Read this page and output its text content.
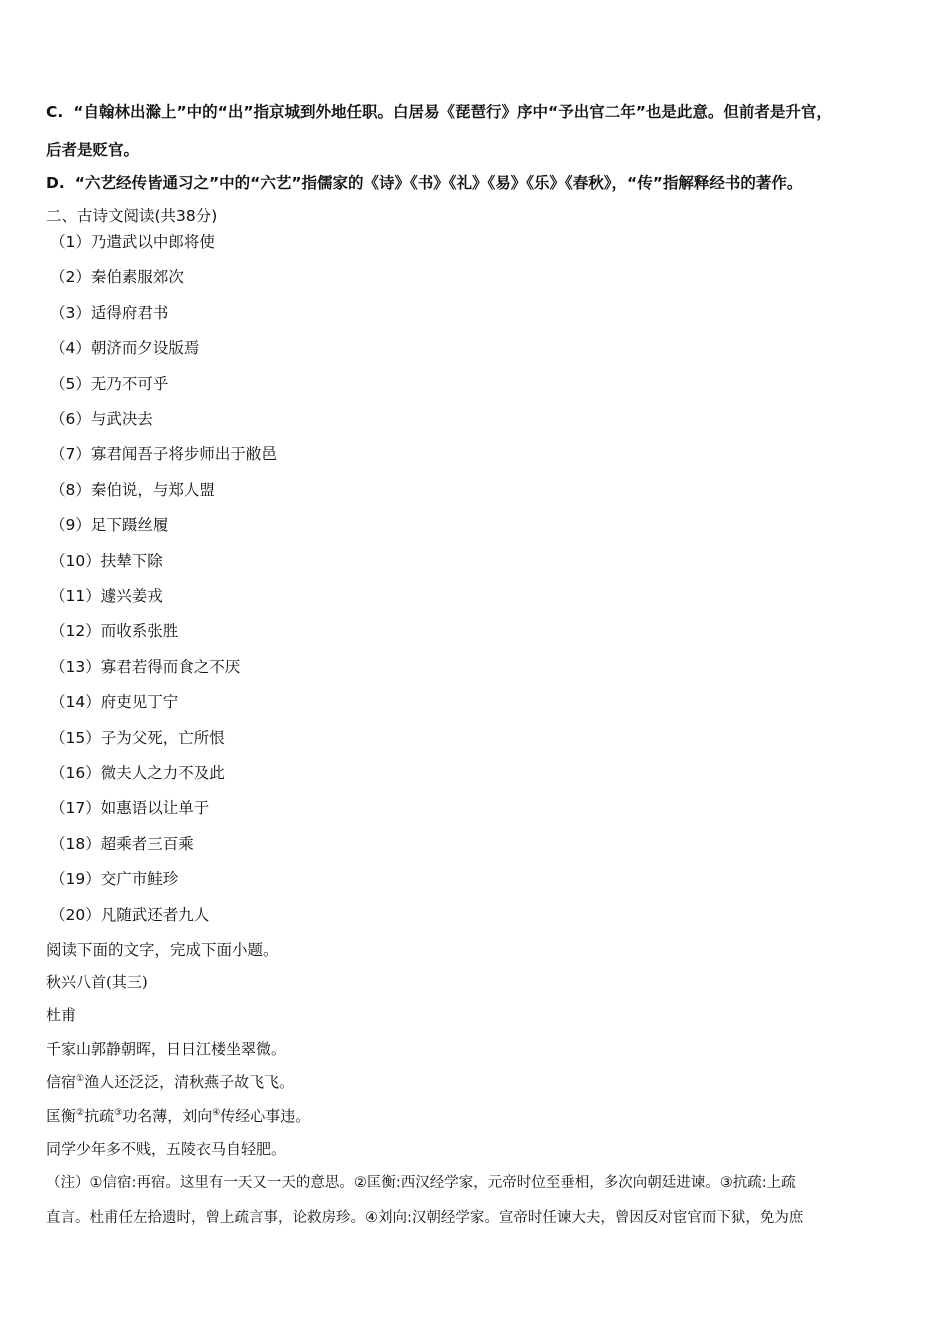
C. “自翰林出滁上”中的“出”指京城到外地任职。白居易《琵琶行》序中“予出官二年”也是此意。但前者是升官，
后者是贬官。
D. “六艺经传皆通习之”中的“六艺”指儒家的《诗》《书》《礼》《易》《乐》《春秋》，“传”指解释经书的著作。
二、古诗文阅读(共38分)
（1）乃遣武以中郎将使
（2）秦伯素服郊次
（3）适得府君书
（4）朝济而夕设版焉
（5）无乃不可乎
（6）与武决去
（7）寡君闻吾子将步师出于敝邑
（8）秦伯说，与郑人盟
（9）足下蹑丝履
（10）扶辇下除
（11）遽兴姜戎
（12）而收系张胜
（13）寡君若得而食之不厌
（14）府吏见丁宁
（15）子为父死，亡所恨
（16）微夫人之力不及此
（17）如惠语以让单于
（18）超乘者三百乘
（19）交广市鲑珍
（20）凡随武还者九人
阅读下面的文字，完成下面小题。
秋兴八首(其三)
杜甫
千家山郭静朝晖，日日江楼坐翠微。
信宿①渔人还泛泛，清秋燕子故飞飞。
匡衡②抗疏③功名薄，刘向④传经心事违。
同学少年多不贱，五陵衣马自轻肥。
（注）①信宿:再宿。这里有一天又一天的意思。②匡衡:西汉经学家，元帝时位至垂相，多次向朝廷进谏。③抗疏:上疏
直言。杜甫任左拾遗时，曾上疏言事，论救房珍。④刘向:汉朝经学家。宣帝时任谏大夫，曾因反对宦官而下狱，免为庶
